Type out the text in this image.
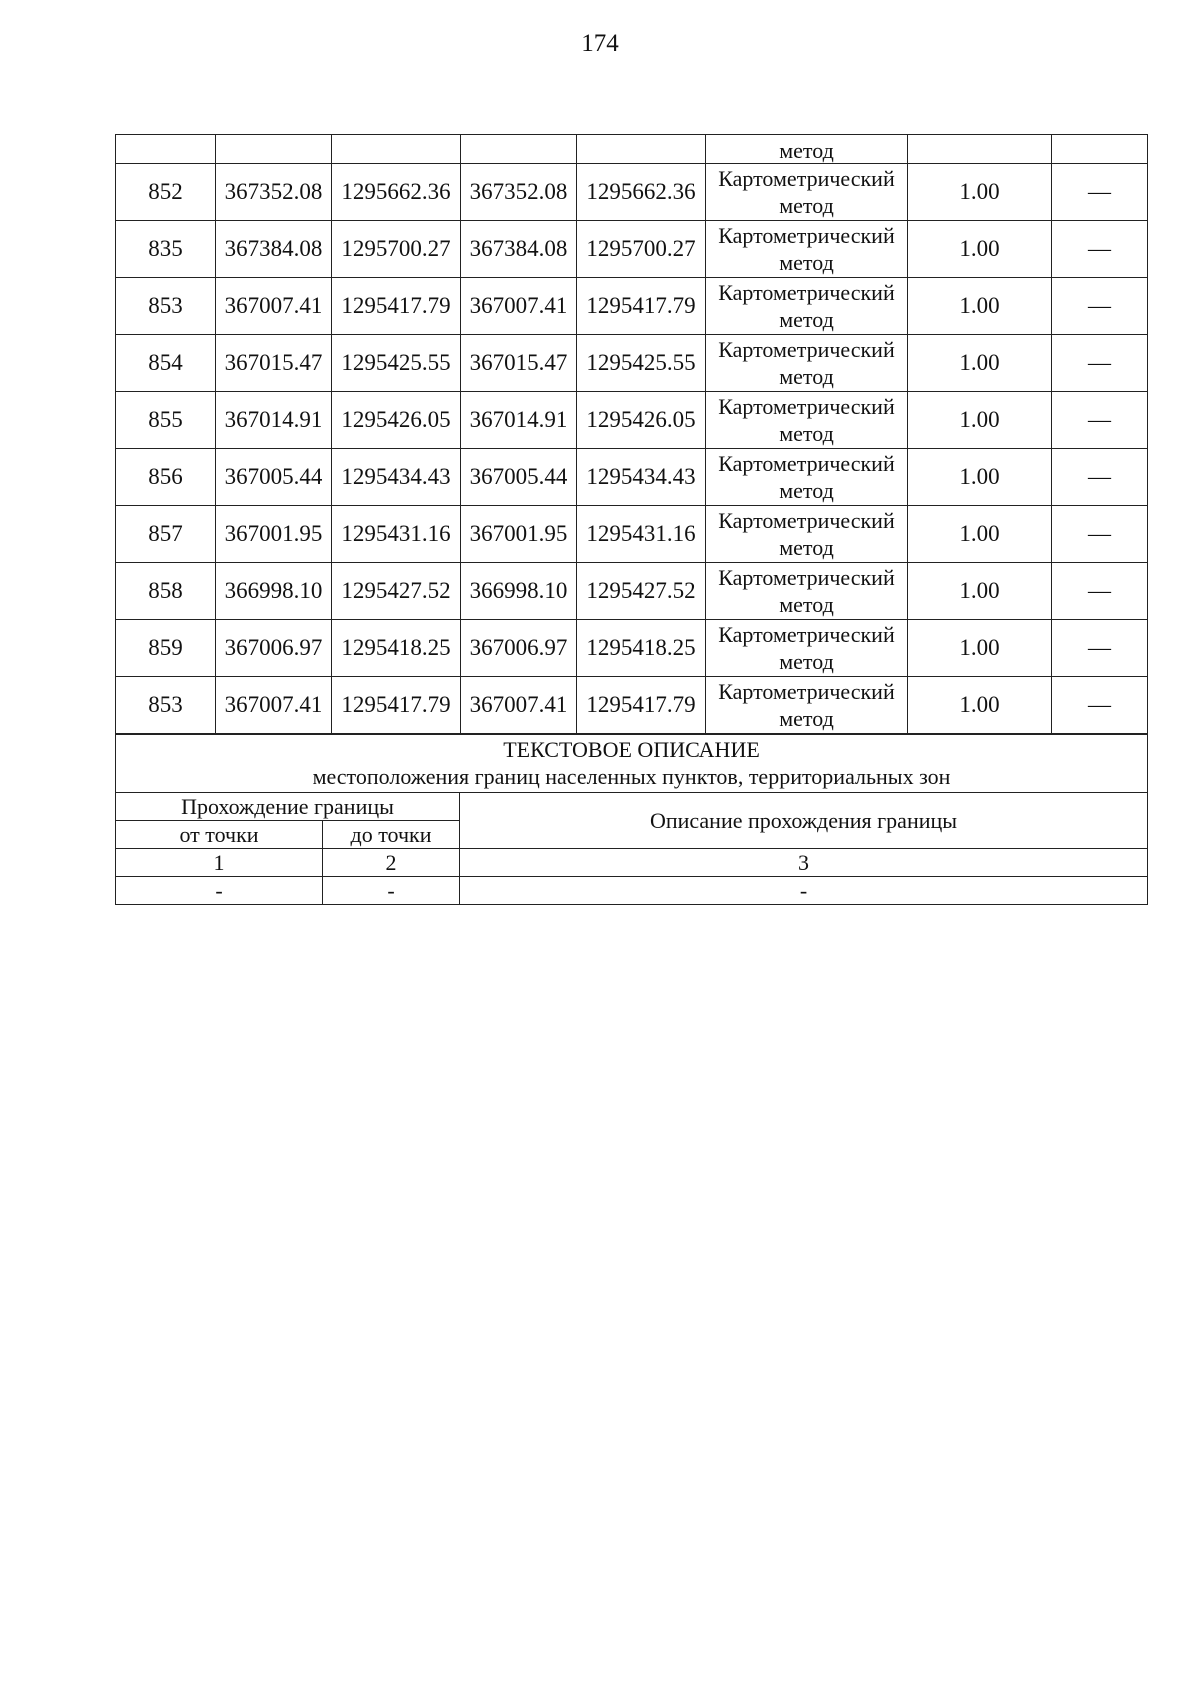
174
					метод		
852	367352.08	1295662.36	367352.08	1295662.36	Картометрический
метод	1.00	—
835	367384.08	1295700.27	367384.08	1295700.27	Картометрический
метод	1.00	—
853	367007.41	1295417.79	367007.41	1295417.79	Картометрический
метод	1.00	—
854	367015.47	1295425.55	367015.47	1295425.55	Картометрический
метод	1.00	—
855	367014.91	1295426.05	367014.91	1295426.05	Картометрический
метод	1.00	—
856	367005.44	1295434.43	367005.44	1295434.43	Картометрический
метод	1.00	—
857	367001.95	1295431.16	367001.95	1295431.16	Картометрический
метод	1.00	—
858	366998.10	1295427.52	366998.10	1295427.52	Картометрический
метод	1.00	—
859	367006.97	1295418.25	367006.97	1295418.25	Картометрический
метод	1.00	—
853	367007.41	1295417.79	367007.41	1295417.79	Картометрический
метод	1.00	—
ТЕКСТОВОЕ ОПИСАНИЕ
местоположения границ населенных пунктов, территориальных зон		

Прохождение границы		Описание прохождения границы
от точки	до точки	
1	2	3
-	-	-
